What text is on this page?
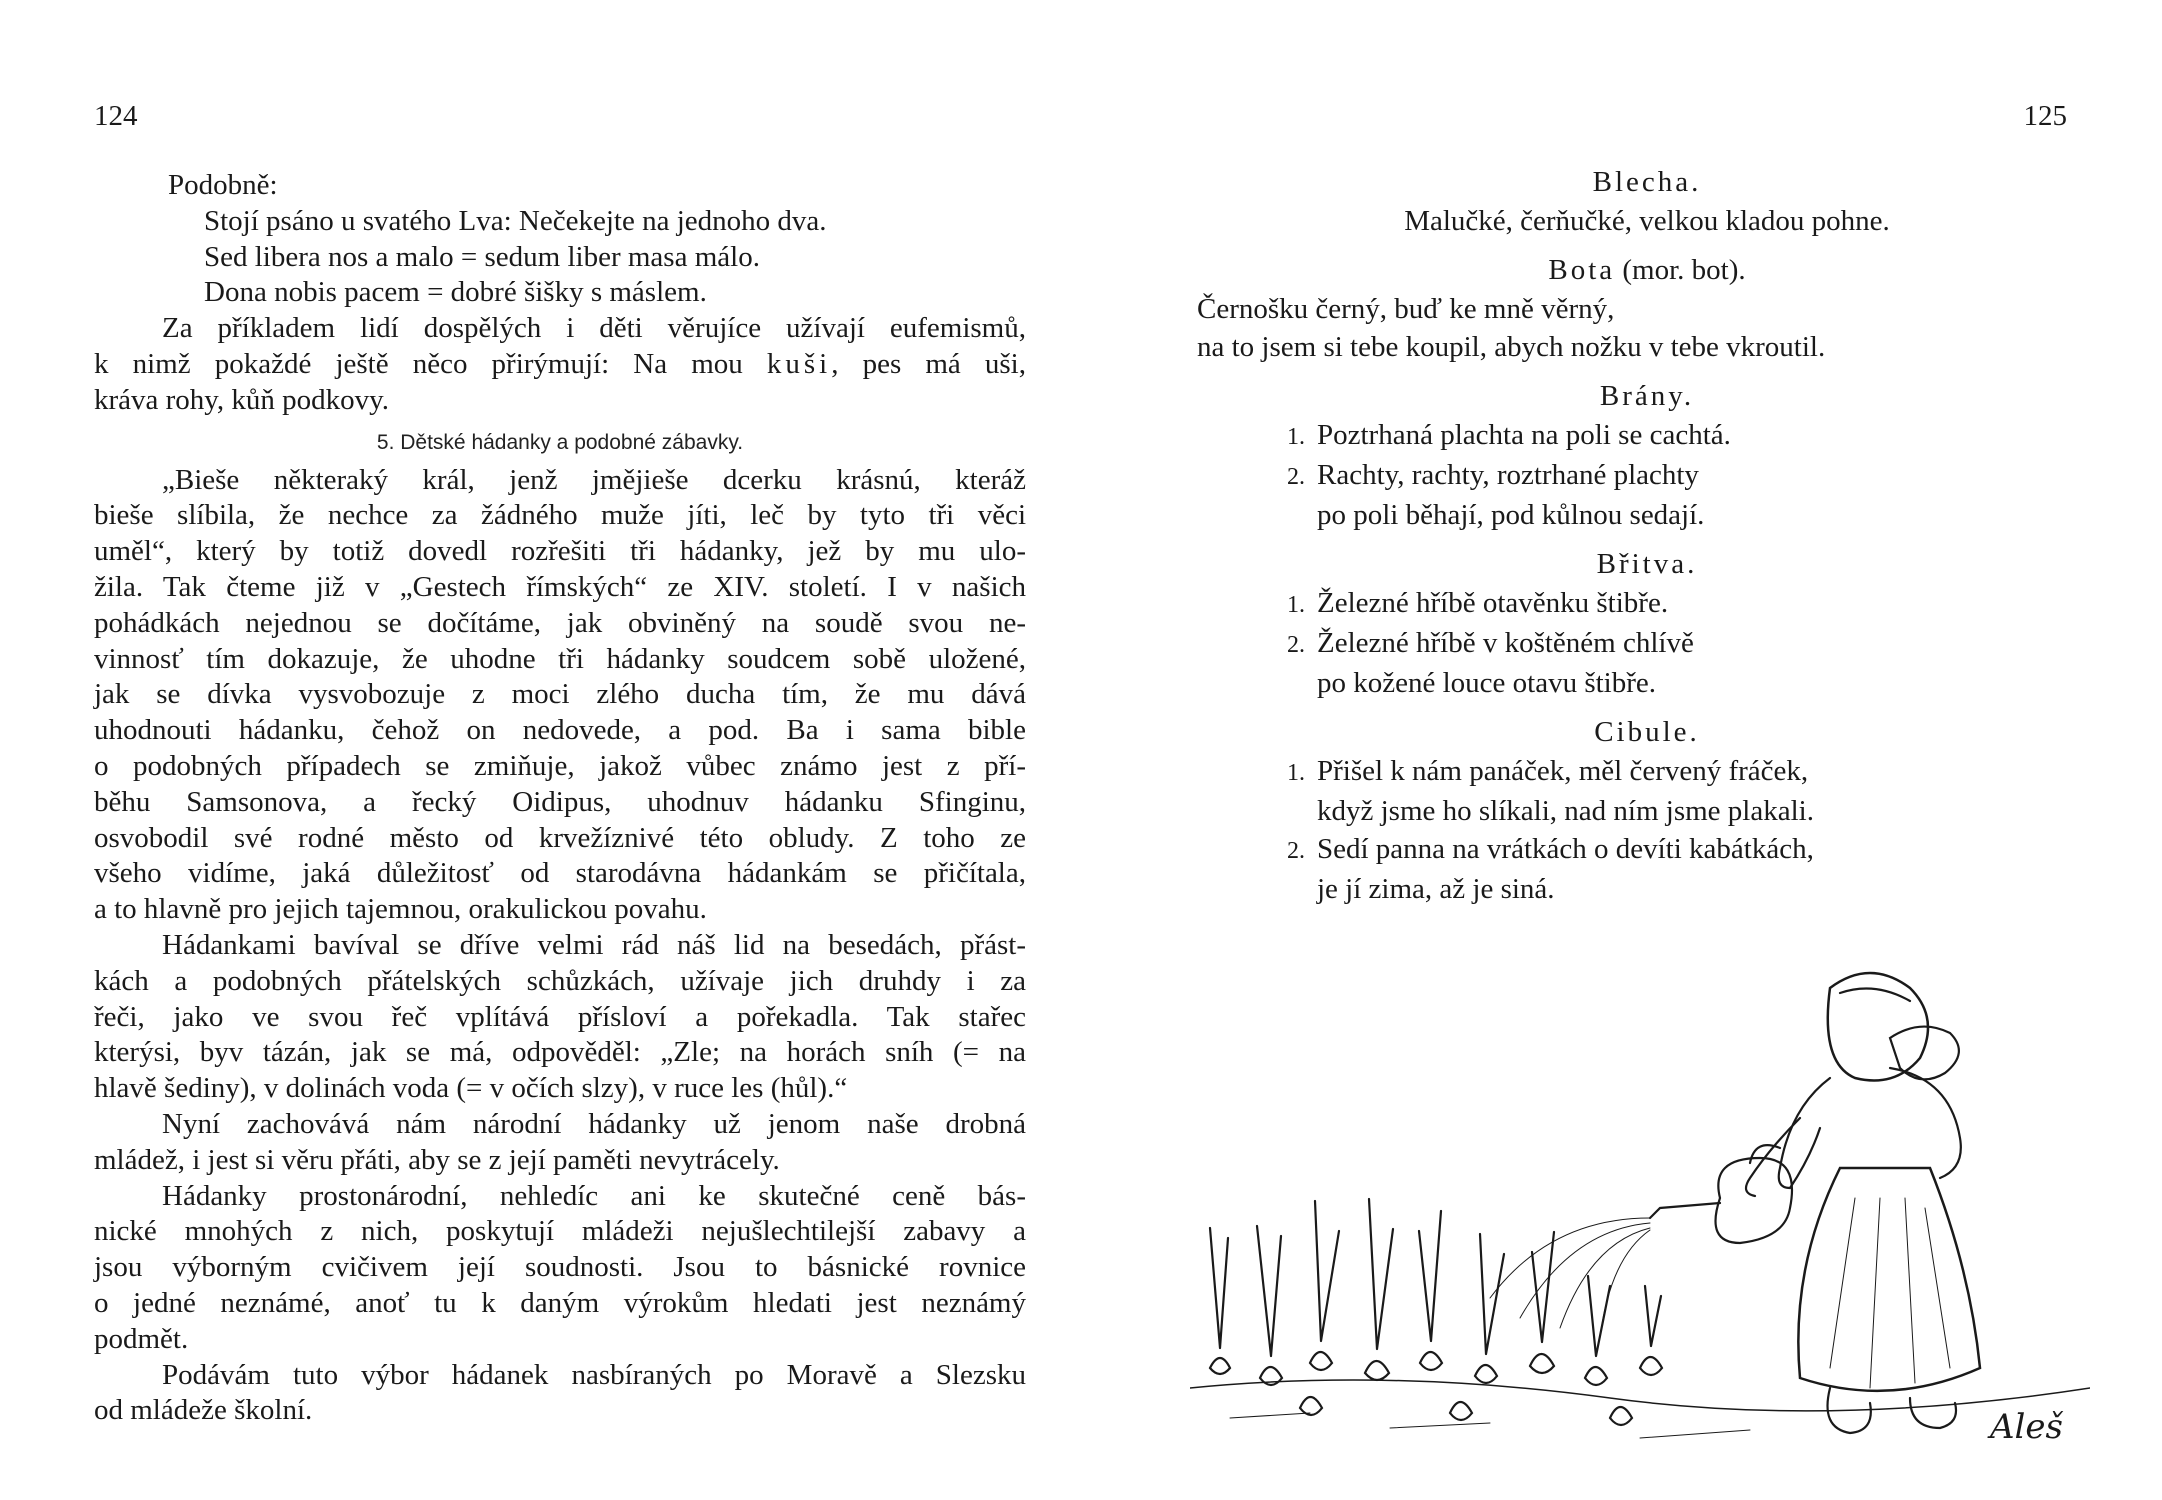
124
Podobně:
Stojí psáno u svatého Lva: Nečekejte na jednoho dva.
Sed libera nos a malo = sedum liber masa málo.
Dona nobis pacem = dobré šišky s máslem.
Za příkladem lidí dospělých i děti věrujíce užívají eufemismů,
k nimž pokaždé ještě něco přirýmují: Na mou kuši, pes má uši,
kráva rohy, kůň podkovy.
5. Dětské hádanky a podobné zábavky.
„Bieše některaký král, jenž jmějieše dcerku krásnú, kteráž
bieše slíbila, že nechce za žádného muže jíti, leč by tyto tři věci
uměl“, který by totiž dovedl rozřešiti tři hádanky, jež by mu ulo-
žila. Tak čteme již v „Gestech římských“ ze XIV. století. I v našich
pohádkách nejednou se dočítáme, jak obviněný na soudě svou ne-
vinnosť tím dokazuje, že uhodne tři hádanky soudcem sobě uložené,
jak se dívka vysvobozuje z moci zlého ducha tím, že mu dává
uhodnouti hádanku, čehož on nedovede, a pod. Ba i sama bible
o podobných případech se zmiňuje, jakož vůbec známo jest z pří-
běhu Samsonova, a řecký Oidipus, uhodnuv hádanku Sfinginu,
osvobodil své rodné město od krvežíznivé této obludy. Z toho ze
všeho vidíme, jaká důležitosť od starodávna hádankám se přičítala,
a to hlavně pro jejich tajemnou, orakulickou povahu.
Hádankami bavíval se dříve velmi rád náš lid na besedách, přást-
kách a podobných přátelských schůzkách, užívaje jich druhdy i za
řeči, jako ve svou řeč vplítává přísloví a pořekadla. Tak stařec
kterýsi, byv tázán, jak se má, odpověděl: „Zle; na horách sníh (= na
hlavě šediny), v dolinách voda (= v očích slzy), v ruce les (hůl).“
Nyní zachovává nám národní hádanky už jenom naše drobná
mládež, i jest si věru přáti, aby se z její paměti nevytrácely.
Hádanky prostonárodní, nehledíc ani ke skutečné ceně bás-
nické mnohých z nich, poskytují mládeži nejušlechtilejší zabavy a
jsou výborným cvičivem její soudnosti. Jsou to básnické rovnice
o jedné neznámé, anoť tu k daným výrokům hledati jest neznámý
podmět.
Podávám tuto výbor hádanek nasbíraných po Moravě a Slezsku
od mládeže školní.
125
Blecha.
Malučké, čerňučké, velkou kladou pohne.
Bota (mor. bot).
Černošku černý, buď ke mně věrný,
na to jsem si tebe koupil, abych nožku v tebe vkroutil.
Brány.
1. Poztrhaná plachta na poli se cachtá.
2. Rachty, rachty, roztrhané plachty
po poli běhají, pod kůlnou sedají.
Břitva.
1. Železné hříbě otavěnku štibře.
2. Železné hříbě v koštěném chlívě
po kožené louce otavu štibře.
Cibule.
1. Přišel k nám panáček, měl červený fráček,
když jsme ho slíkali, nad ním jsme plakali.
2. Sedí panna na vrátkách o devíti kabátkách,
je jí zima, až je siná.
Aleš
